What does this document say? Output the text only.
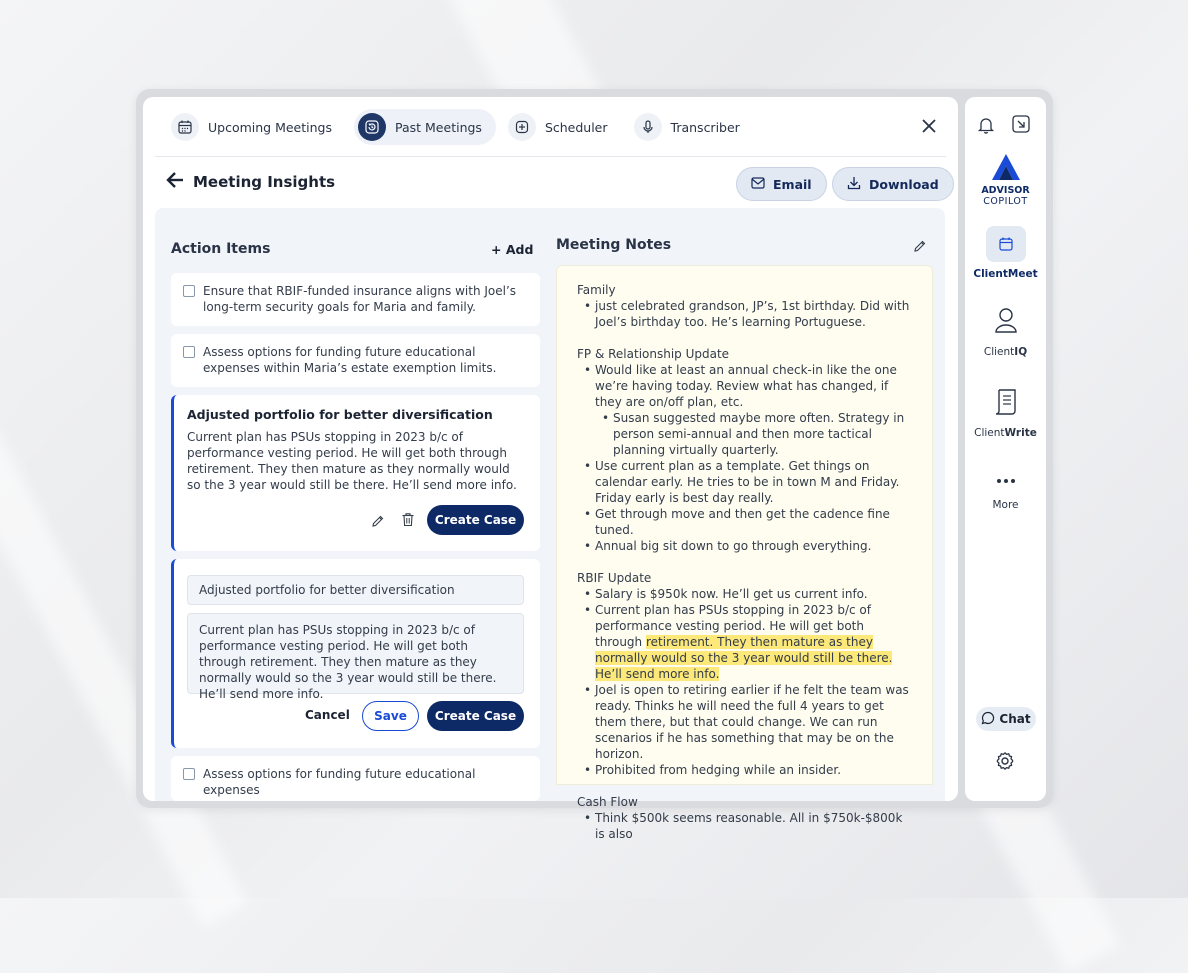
Upcoming Meetings	Past Meetings	Scheduler	Transcriber
Meeting Insights	Email	Download
Action Items	+ Add
Ensure that RBIF-funded insurance aligns with Joel’s long-term security goals for Maria and family.
Assess options for funding future educational expenses within Maria’s estate exemption limits.
Adjusted portfolio for better diversification
Current plan has PSUs stopping in 2023 b/c of performance vesting period. He will get both through retirement. They then mature as they normally would so the 3 year would still be there. He’ll send more info.
Create Case
Adjusted portfolio for better diversification
Current plan has PSUs stopping in 2023 b/c of performance vesting period. He will get both through retirement. They then mature as they normally would so the 3 year would still be there. He’ll send more info.
Cancel	Save	Create Case
Assess options for funding future educational expenses
Meeting Notes
Family
• just celebrated grandson, JP’s, 1st birthday. Did with Joel’s birthday too. He’s learning Portuguese.
FP & Relationship Update
• Would like at least an annual check-in like the one we’re having today. Review what has changed, if they are on/off plan, etc.
• Susan suggested maybe more often. Strategy in person semi-annual and then more tactical planning virtually quarterly.
• Use current plan as a template. Get things on calendar early. He tries to be in town M and Friday. Friday early is best day really.
• Get through move and then get the cadence fine tuned.
• Annual big sit down to go through everything.
RBIF Update
• Salary is $950k now. He’ll get us current info.
• Current plan has PSUs stopping in 2023 b/c of performance vesting period. He will get both through retirement. They then mature as they normally would so the 3 year would still be there. He’ll send more info.
• Joel is open to retiring earlier if he felt the team was ready. Thinks he will need the full 4 years to get them there, but that could change. We can run scenarios if he has something that may be on the horizon.
• Prohibited from hedging while an insider.
Cash Flow
• Think $500k seems reasonable. All in $750k-$800k is also
ADVISOR
COPILOT
ClientMeet
ClientIQ
ClientWrite
More
Chat
